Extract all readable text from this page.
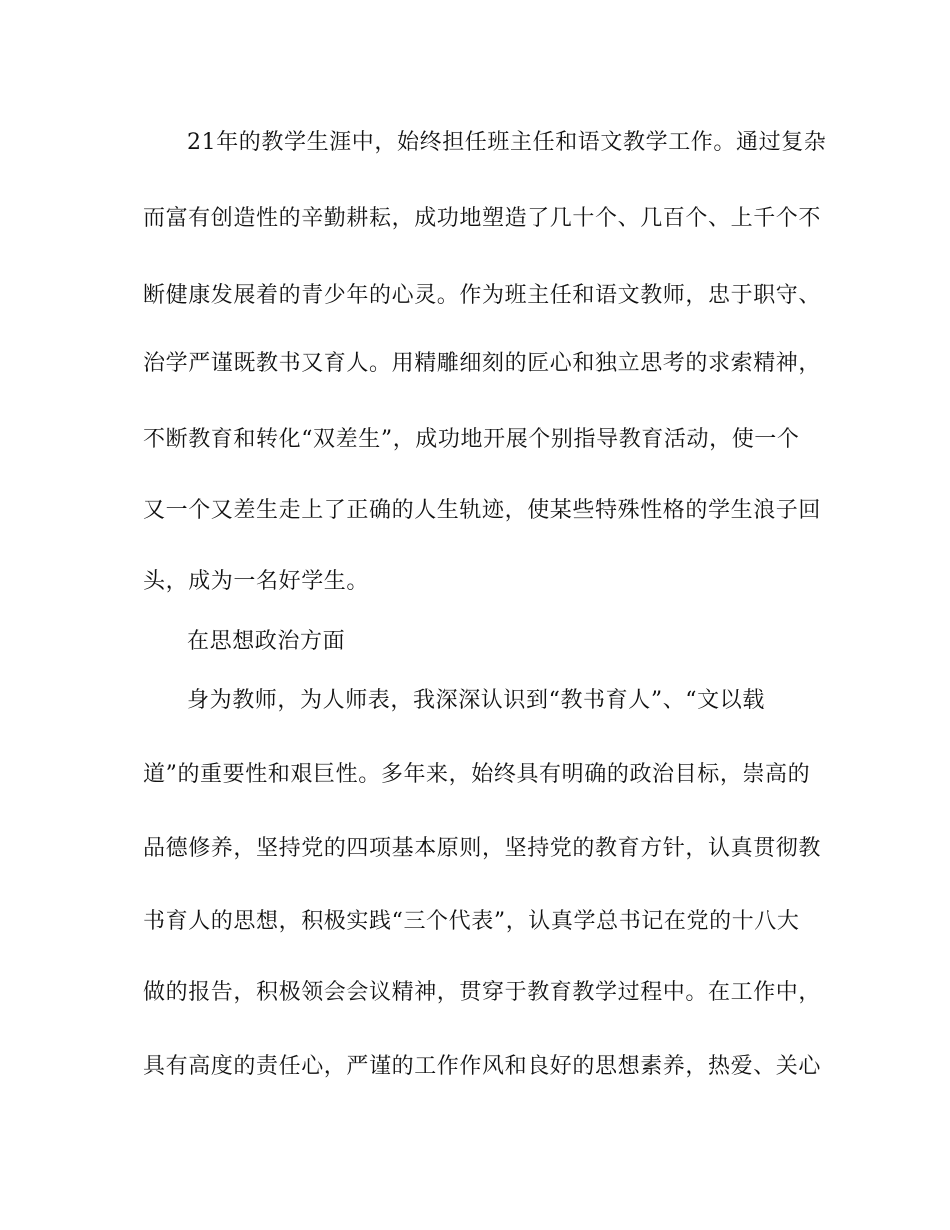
21年的教学生涯中，始终担任班主任和语文教学工作。通过复杂
而富有创造性的辛勤耕耘，成功地塑造了几十个、几百个、上千个不
断健康发展着的青少年的心灵。作为班主任和语文教师，忠于职守、
治学严谨既教书又育人。用精雕细刻的匠心和独立思考的求索精神，
不断教育和转化“双差生”，成功地开展个别指导教育活动，使一个
又一个又差生走上了正确的人生轨迹，使某些特殊性格的学生浪子回
头，成为一名好学生。
在思想政治方面
身为教师，为人师表，我深深认识到“教书育人”、“文以载
道”的重要性和艰巨性。多年来，始终具有明确的政治目标，崇高的
品德修养，坚持党的四项基本原则，坚持党的教育方针，认真贯彻教
书育人的思想，积极实践“三个代表”，认真学总书记在党的十八大
做的报告，积极领会会议精神，贯穿于教育教学过程中。在工作中，
具有高度的责任心，严谨的工作作风和良好的思想素养，热爱、关心
